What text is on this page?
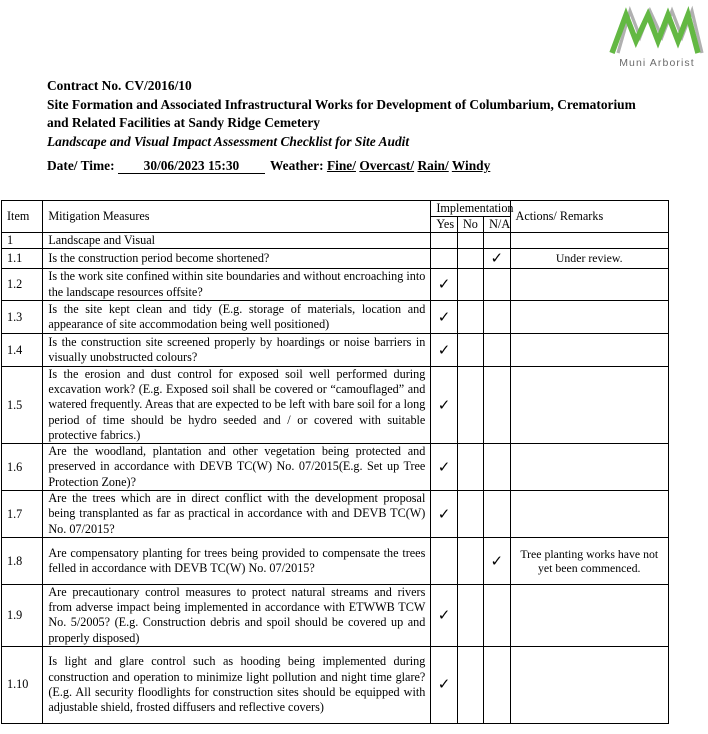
Muni Arborist
Contract No. CV/2016/10
Site Formation and Associated Infrastructural Works for Development of Columbarium, Crematorium
and Related Facilities at Sandy Ridge Cemetery
Landscape and Visual Impact Assessment Checklist for Site Audit
Date/ Time: 30/06/2023 15:30 Weather: Fine/ Overcast/ Rain/ Windy
Item	Mitigation Measures	Implementation			Actions/ Remarks
		Yes	No	N/A	
1	Landscape and Visual				
1.1	Is the construction period become shortened?			✓	Under review.
1.2	Is the work site confined within site boundaries and without encroaching into the landscape resources offsite?	✓			
1.3	Is the site kept clean and tidy (E.g. storage of materials, location and appearance of site accommodation being well positioned)	✓			
1.4	Is the construction site screened properly by hoardings or noise barriers in visually unobstructed colours?	✓			
1.5	Is the erosion and dust control for exposed soil well performed during excavation work? (E.g. Exposed soil shall be covered or “camouflaged” and watered frequently. Areas that are expected to be left with bare soil for a long period of time should be hydro seeded and / or covered with suitable protective fabrics.)	✓			
1.6	Are the woodland, plantation and other vegetation being protected and preserved in accordance with DEVB TC(W) No. 07/2015(E.g. Set up Tree Protection Zone)?	✓			
1.7	Are the trees which are in direct conflict with the development proposal being transplanted as far as practical in accordance with and DEVB TC(W) No. 07/2015?	✓			
1.8	Are compensatory planting for trees being provided to compensate the trees felled in accordance with DEVB TC(W) No. 07/2015?			✓	Tree planting works have not yet been commenced.
1.9	Are precautionary control measures to protect natural streams and rivers from adverse impact being implemented in accordance with ETWWB TCW No. 5/2005? (E.g. Construction debris and spoil should be covered up and properly disposed)	✓			
1.10	Is light and glare control such as hooding being implemented during construction and operation to minimize light pollution and night time glare? (E.g. All security floodlights for construction sites should be equipped with adjustable shield, frosted diffusers and reflective covers)	✓			
